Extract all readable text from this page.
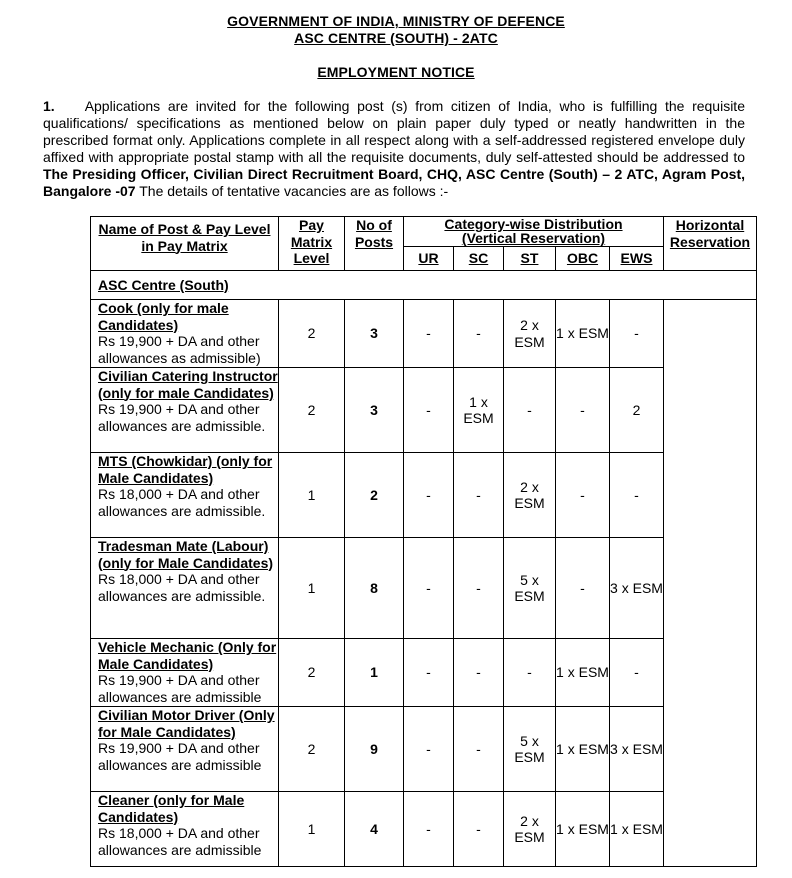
GOVERNMENT OF INDIA, MINISTRY OF DEFENCE
ASC CENTRE (SOUTH) - 2ATC
EMPLOYMENT NOTICE
1. Applications are invited for the following post (s) from citizen of India, who is fulfilling the requisite qualifications/ specifications as mentioned below on plain paper duly typed or neatly handwritten in the prescribed format only. Applications complete in all respect along with a self-addressed registered envelope duly affixed with appropriate postal stamp with all the requisite documents, duly self-attested should be addressed to The Presiding Officer, Civilian Direct Recruitment Board, CHQ, ASC Centre (South) – 2 ATC, Agram Post, Bangalore -07 The details of tentative vacancies are as follows :-
Name of Post & Pay Level in Pay Matrix	Pay Matrix Level	No of Posts	Category-wise Distribution
(Vertical Reservation)					Horizontal Reservation
			UR	SC	ST	OBC	EWS	
ASC Centre (South)								
Cook (only for male Candidates)
Rs 19,900 + DA and other allowances as admissible)	2	3	-	-	2 x ESM	1 x ESM	-	
Civilian Catering Instructor (only for male Candidates) Rs 19,900 + DA and other allowances are admissible.	2	3	-	1 x ESM	-	-	2	
MTS (Chowkidar) (only for Male Candidates)
Rs 18,000 + DA and other allowances are admissible.	1	2	-	-	2 x ESM	-	-	
Tradesman Mate (Labour) (only for Male Candidates)
Rs 18,000 + DA and other allowances are admissible.	1	8	-	-	5 x ESM	-	3 x ESM	
Vehicle Mechanic (Only for Male Candidates)
Rs 19,900 + DA and other allowances are admissible	2	1	-	-	-	1 x ESM	-	
Civilian Motor Driver (Only for Male Candidates)
Rs 19,900 + DA and other allowances are admissible	2	9	-	-	5 x ESM	1 x ESM	3 x ESM	
Cleaner (only for Male Candidates)
Rs 18,000 + DA and other allowances are admissible	1	4	-	-	2 x ESM	1 x ESM	1 x ESM	
